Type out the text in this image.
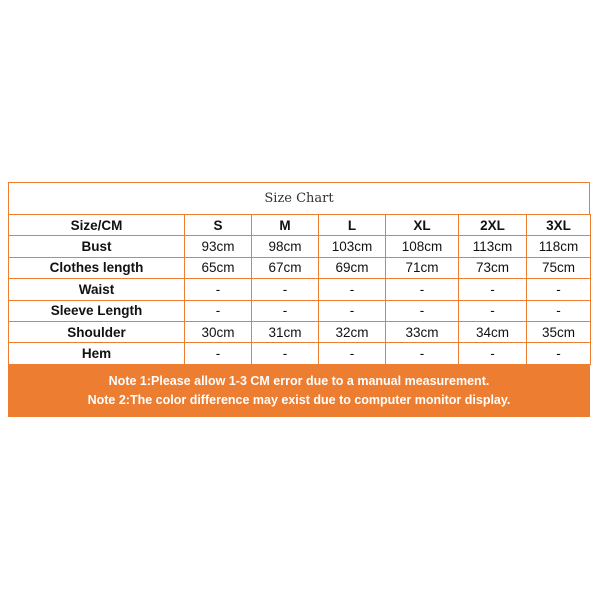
Size Chart
Size/CM	S	M	L	XL	2XL	3XL
Bust	93cm	98cm	103cm	108cm	113cm	118cm
Clothes length	65cm	67cm	69cm	71cm	73cm	75cm
Waist	-	-	-	-	-	-
Sleeve Length	-	-	-	-	-	-
Shoulder	30cm	31cm	32cm	33cm	34cm	35cm
Hem	-	-	-	-	-	-
Note 1:Please allow 1-3 CM error due to a manual measurement.
Note 2:The color difference may exist due to computer monitor display.
